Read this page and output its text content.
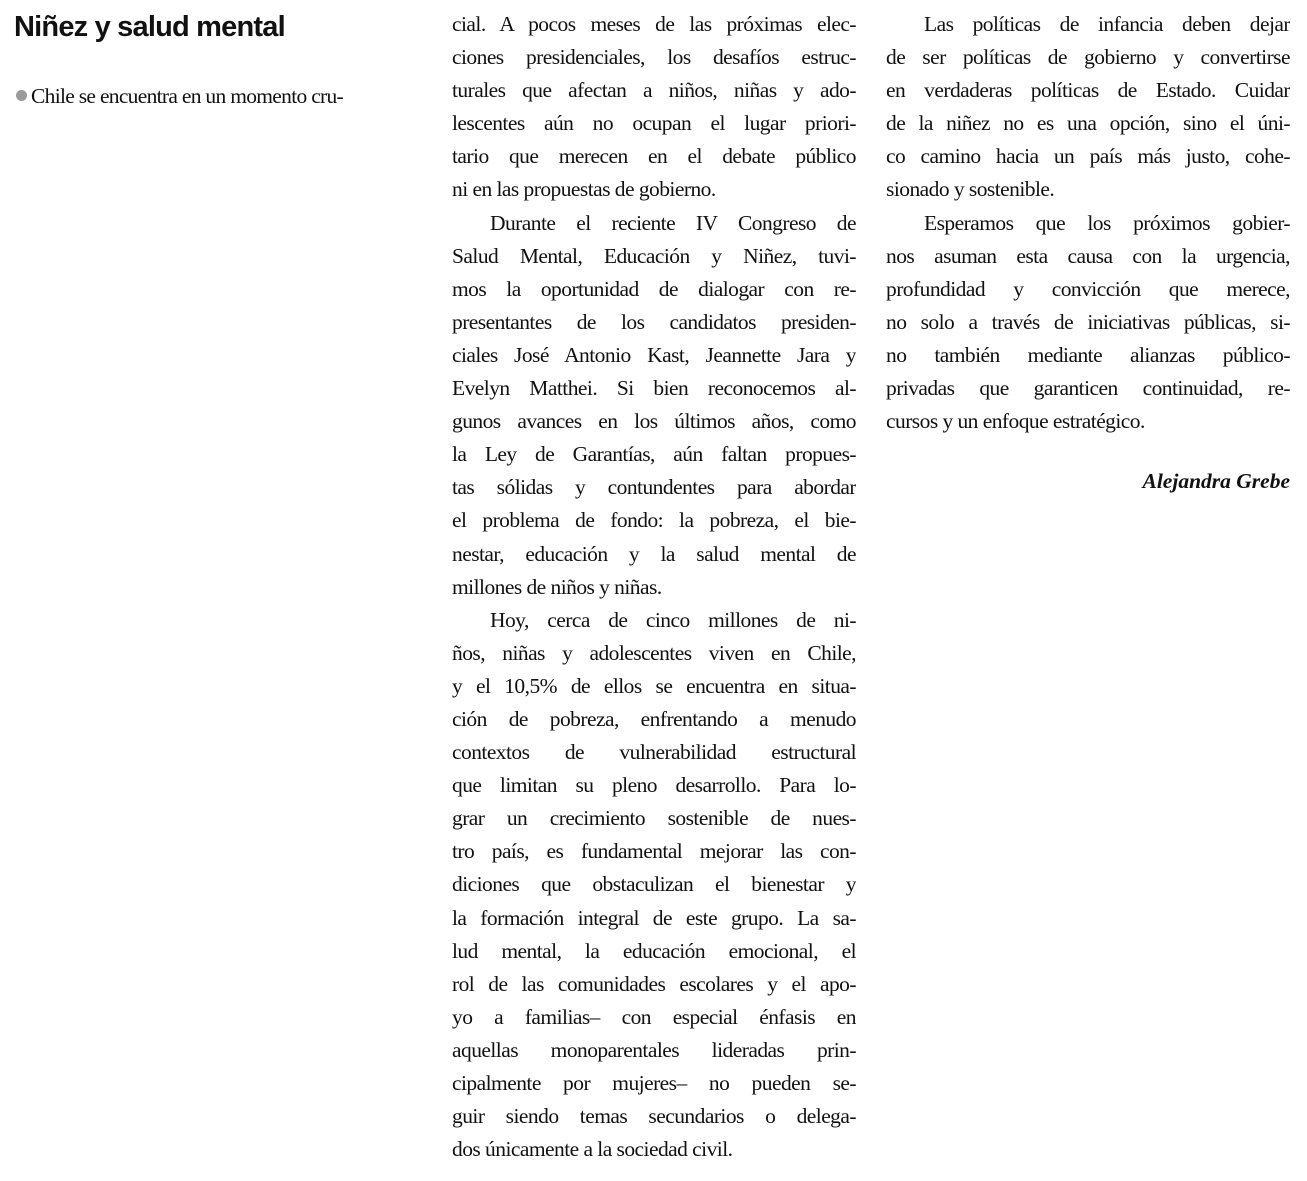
Niñez y salud mental

Chile se encuentra en un momento cru-

cial. A pocos meses de las próximas elec-
ciones presidenciales, los desafíos estruc-
turales que afectan a niños, niñas y ado-
lescentes aún no ocupan el lugar priori-
tario que merecen en el debate público
ni en las propuestas de gobierno.
Durante el reciente IV Congreso de
Salud Mental, Educación y Niñez, tuvi-
mos la oportunidad de dialogar con re-
presentantes de los candidatos presiden-
ciales José Antonio Kast, Jeannette Jara y
Evelyn Matthei. Si bien reconocemos al-
gunos avances en los últimos años, como
la Ley de Garantías, aún faltan propues-
tas sólidas y contundentes para abordar
el problema de fondo: la pobreza, el bie-
nestar, educación y la salud mental de
millones de niños y niñas.
Hoy, cerca de cinco millones de ni-
ños, niñas y adolescentes viven en Chile,
y el 10,5% de ellos se encuentra en situa-
ción de pobreza, enfrentando a menudo
contextos de vulnerabilidad estructural
que limitan su pleno desarrollo. Para lo-
grar un crecimiento sostenible de nues-
tro país, es fundamental mejorar las con-
diciones que obstaculizan el bienestar y
la formación integral de este grupo. La sa-
lud mental, la educación emocional, el
rol de las comunidades escolares y el apo-
yo a familias– con especial énfasis en
aquellas monoparentales lideradas prin-
cipalmente por mujeres– no pueden se-
guir siendo temas secundarios o delega-
dos únicamente a la sociedad civil.
Las políticas de infancia deben dejar
de ser políticas de gobierno y convertirse
en verdaderas políticas de Estado. Cuidar
de la niñez no es una opción, sino el úni-
co camino hacia un país más justo, cohe-
sionado y sostenible.
Esperamos que los próximos gobier-
nos asuman esta causa con la urgencia,
profundidad y convicción que merece,
no solo a través de iniciativas públicas, si-
no también mediante alianzas público-
privadas que garanticen continuidad, re-
cursos y un enfoque estratégico.
Alejandra Grebe
